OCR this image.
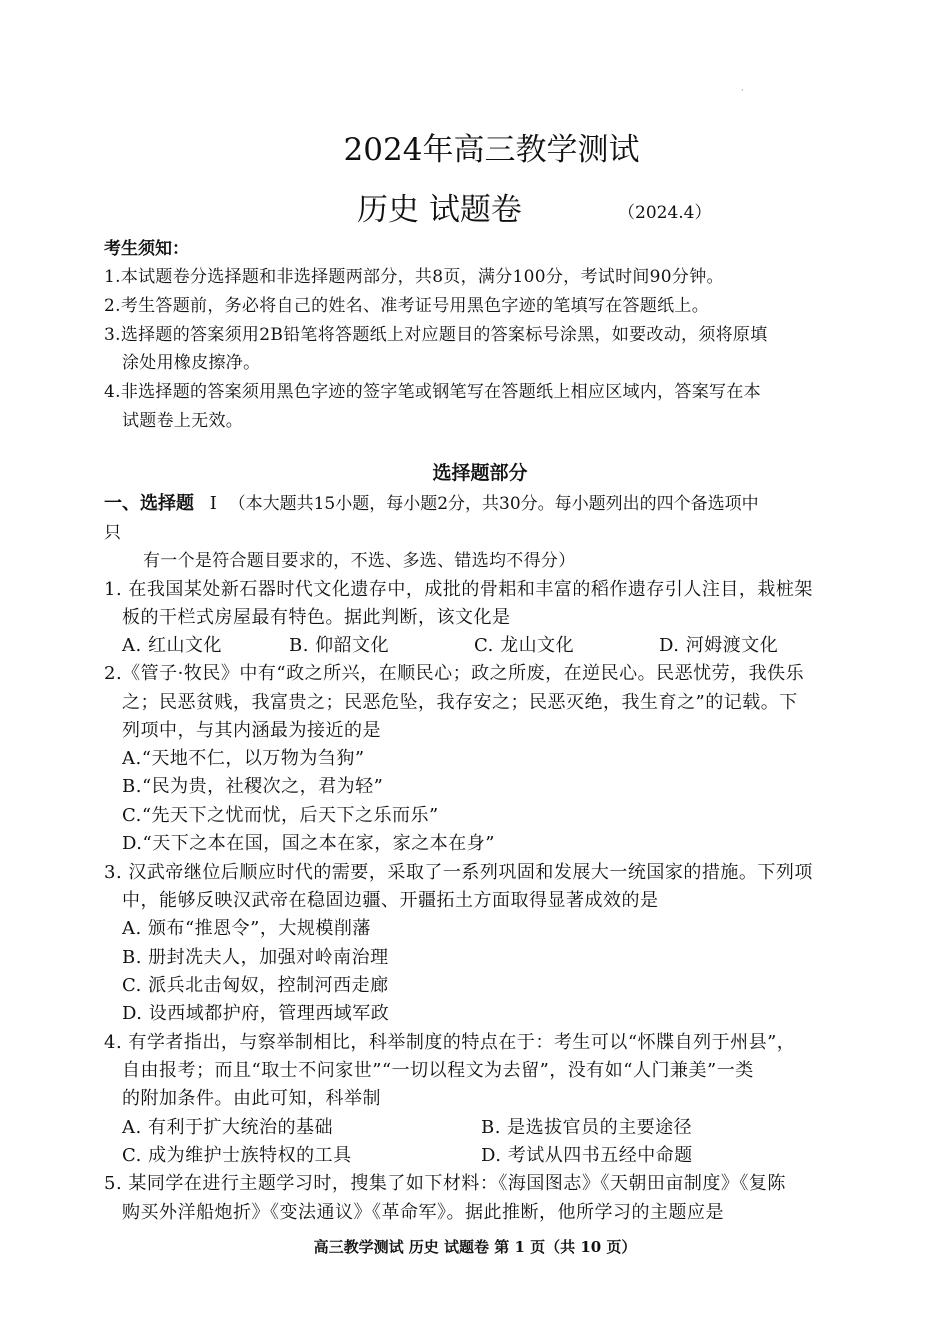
·
2024年高三教学测试
历史 试题卷	（2024.4）
考生须知：
1.本试题卷分选择题和非选择题两部分，共8页，满分100分，考试时间90分钟。
2.考生答题前，务必将自己的姓名、准考证号用黑色字迹的笔填写在答题纸上。
3.选择题的答案须用2B铅笔将答题纸上对应题目的答案标号涂黑，如要改动，须将原填
涂处用橡皮擦净。
4.非选择题的答案须用黑色字迹的签字笔或钢笔写在答题纸上相应区域内，答案写在本
试题卷上无效。
选择题部分
一、选择题 Ⅰ （本大题共15小题，每小题2分，共30分。每小题列出的四个备选项中
只
有一个是符合题目要求的，不选、多选、错选均不得分）
1. 在我国某处新石器时代文化遗存中，成批的骨耜和丰富的稻作遗存引人注目，栽桩架
板的干栏式房屋最有特色。据此判断，该文化是
A. 红山文化	B. 仰韶文化	C. 龙山文化	D. 河姆渡文化
2.《管子·牧民》中有“政之所兴，在顺民心；政之所废，在逆民心。民恶忧劳，我佚乐
之；民恶贫贱，我富贵之；民恶危坠，我存安之；民恶灭绝，我生育之”的记载。下
列项中，与其内涵最为接近的是
A.“天地不仁，以万物为刍狗”
B.“民为贵，社稷次之，君为轻”
C.“先天下之忧而忧，后天下之乐而乐”
D.“天下之本在国，国之本在家，家之本在身”
3. 汉武帝继位后顺应时代的需要，采取了一系列巩固和发展大一统国家的措施。下列项
中，能够反映汉武帝在稳固边疆、开疆拓土方面取得显著成效的是
A. 颁布“推恩令”，大规模削藩
B. 册封冼夫人，加强对岭南治理
C. 派兵北击匈奴，控制河西走廊
D. 设西域都护府，管理西域军政
4. 有学者指出，与察举制相比，科举制度的特点在于：考生可以“怀牒自列于州县”，
自由报考；而且“取士不问家世”“一切以程文为去留”，没有如“人门兼美”一类
的附加条件。由此可知，科举制
A. 有利于扩大统治的基础	B. 是选拔官员的主要途径
C. 成为维护士族特权的工具	D. 考试从四书五经中命题
5. 某同学在进行主题学习时，搜集了如下材料：《海国图志》《天朝田亩制度》《复陈
购买外洋船炮折》《变法通议》《革命军》。据此推断，他所学习的主题应是
高三教学测试 历史 试题卷 第 1 页（共 10 页）
